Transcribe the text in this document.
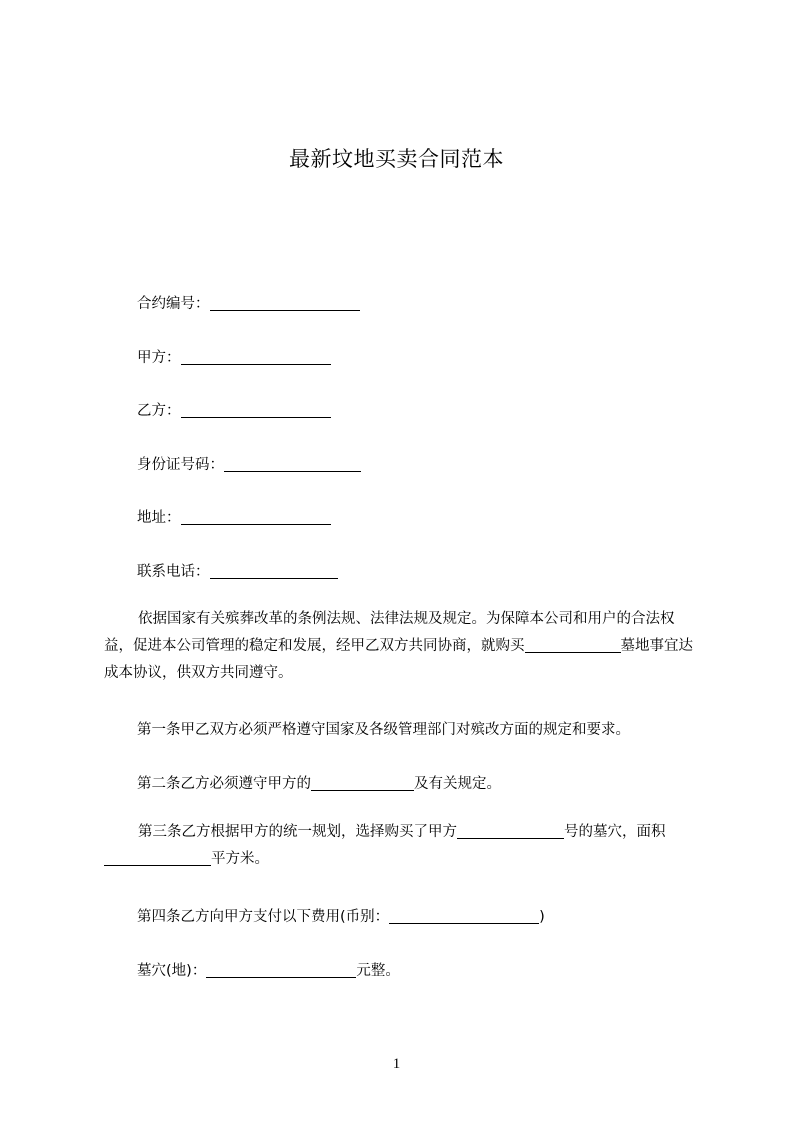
最新坟地买卖合同范本
合约编号：
甲方：
乙方：
身份证号码：
地址：
联系电话：
依据国家有关殡葬改革的条例法规、法律法规及规定。为保障本公司和用户的合法权益，促进本公司管理的稳定和发展，经甲乙双方共同协商，就购买	墓地事宜达成本协议，供双方共同遵守。
第一条甲乙双方必须严格遵守国家及各级管理部门对殡改方面的规定和要求。
第二条乙方必须遵守甲方的	及有关规定。
第三条乙方根据甲方的统一规划，选择购买了甲方	号的墓穴，面积平方米。
第四条乙方向甲方支付以下费用(币别：	)
墓穴(地)：	元整。
1
